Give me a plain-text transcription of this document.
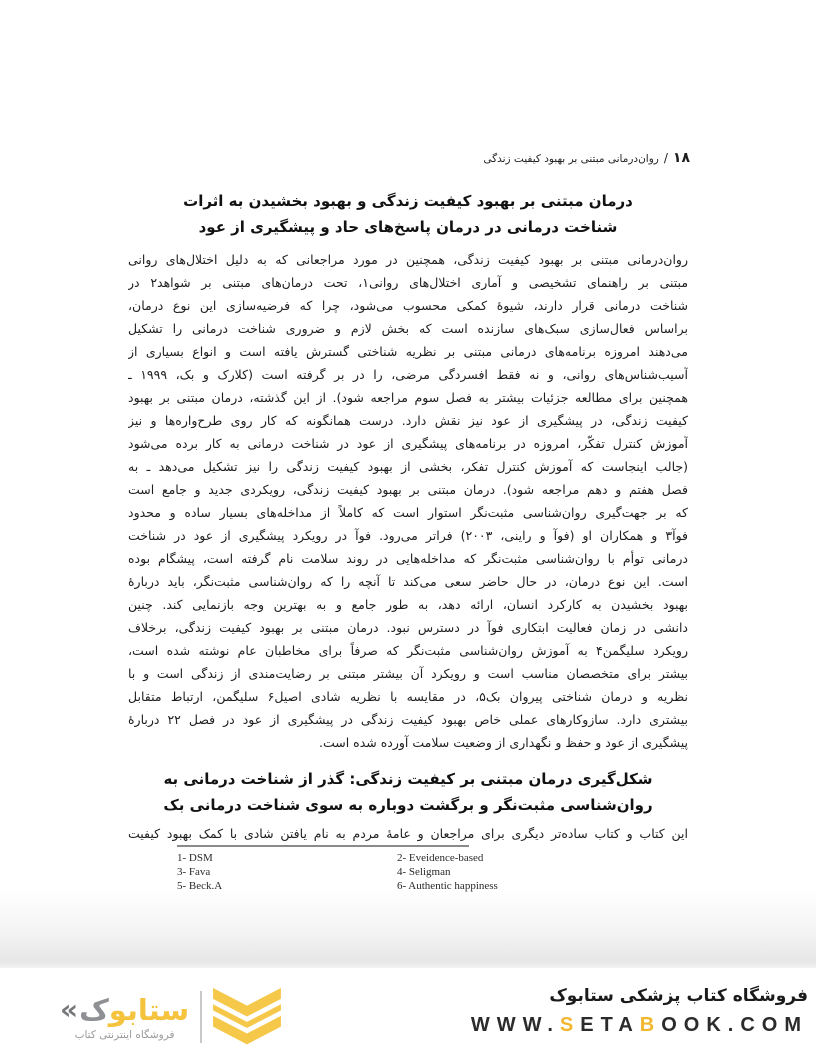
۱۸
/
روان‌درمانی مبتنی بر بهبود کیفیت زندگی
درمان مبتنی بر بهبود کیفیت زندگی و بهبود بخشیدن به اثرات
شناخت درمانی در درمان پاسخ‌های حاد و پیشگیری از عود
روان‌درمانی مبتنی بر بهبود کیفیت زندگی، همچنین در مورد مراجعانی که به دلیل اختلال‌های روانی
مبتنی بر راهنمای تشخیصی و آماری اختلال‌های روانی۱، تحت درمان‌های مبتنی بر شواهد۲ در
شناخت درمانی قرار دارند، شیوهٔ کمکی محسوب می‌شود، چرا که فرضیه‌سازی این نوع درمان،
براساس فعال‌سازی سبک‌های سازنده است که بخش لازم و ضروری شناخت درمانی را تشکیل
می‌دهند امروزه برنامه‌های درمانی مبتنی بر نظریه شناختی گسترش یافته است و انواع بسیاری از
آسیب‌شناس‌های روانی، و نه فقط افسردگی مرضی، را در بر گرفته است (کلارک و بک، ۱۹۹۹ ـ
همچنین برای مطالعه جزئیات بیشتر به فصل سوم مراجعه شود). از این گذشته، درمان مبتنی بر بهبود
کیفیت زندگی، در پیشگیری از عود نیز نقش دارد. درست همانگونه که کار روی طرح‌واره‌ها و نیز
آموزش کنترل تفکّر، امروزه در برنامه‌های پیشگیری از عود در شناخت درمانی به کار برده می‌شود
(جالب اینجاست که آموزش کنترل تفکر، بخشی از بهبود کیفیت زندگی را نیز تشکیل می‌دهد ـ به
فصل هفتم و دهم مراجعه شود). درمان مبتنی بر بهبود کیفیت زندگی، رویکردی جدید و جامع است
که بر جهت‌گیری روان‌شناسی مثبت‌نگر استوار است که کاملاً از مداخله‌های بسیار ساده و محدود
فوآ۳ و همکاران او (فوآ و راینی، ۲۰۰۳) فراتر می‌رود. فوآ در رویکرد پیشگیری از عود در شناخت
درمانی توأم با روان‌شناسی مثبت‌نگر که مداخله‌هایی در روند سلامت نام گرفته است، پیشگام بوده
است. این نوع درمان، در حال حاضر سعی می‌کند تا آنچه را که روان‌شناسی مثبت‌نگر، باید دربارهٔ
بهبود بخشیدن به کارکرد انسان، ارائه دهد، به طور جامع و به بهترین وجه بازنمایی کند. چنین
دانشی در زمان فعالیت ابتکاری فوآ در دسترس نبود. درمان مبتنی بر بهبود کیفیت زندگی، برخلاف
رویکرد سلیگمن۴ به آموزش روان‌شناسی مثبت‌نگر که صرفاً برای مخاطبان عام نوشته شده است،
بیشتر برای متخصصان مناسب است و رویکرد آن بیشتر مبتنی بر رضایت‌مندی از زندگی است و با
نظریه و درمان شناختی پیروان بک۵، در مقایسه با نظریه شادی اصیل۶ سلیگمن، ارتباط متقابل
بیشتری دارد. سازوکارهای عملی خاص بهبود کیفیت زندگی در پیشگیری از عود در فصل ۲۲ دربارهٔ
پیشگیری از عود و حفظ و نگهداری از وضعیت سلامت آورده شده است.
شکل‌گیری درمان مبتنی بر کیفیت زندگی: گذر از شناخت درمانی به
روان‌شناسی مثبت‌نگر و برگشت دوباره به سوی شناخت درمانی بک
این کتاب و کتاب ساده‌تر دیگری برای مراجعان و عامهٔ مردم به نام یافتن شادی با کمک بهبود کیفیت
1- DSM
3- Fava
5- Beck.A
2- Eveidence-based
4- Seligman
6- Authentic happiness
« ک ستابو
فروشگاه اینترنتی کتاب
فروشگاه کتاب پزشکی ستابوک
WWW.SETABOOK.COM
